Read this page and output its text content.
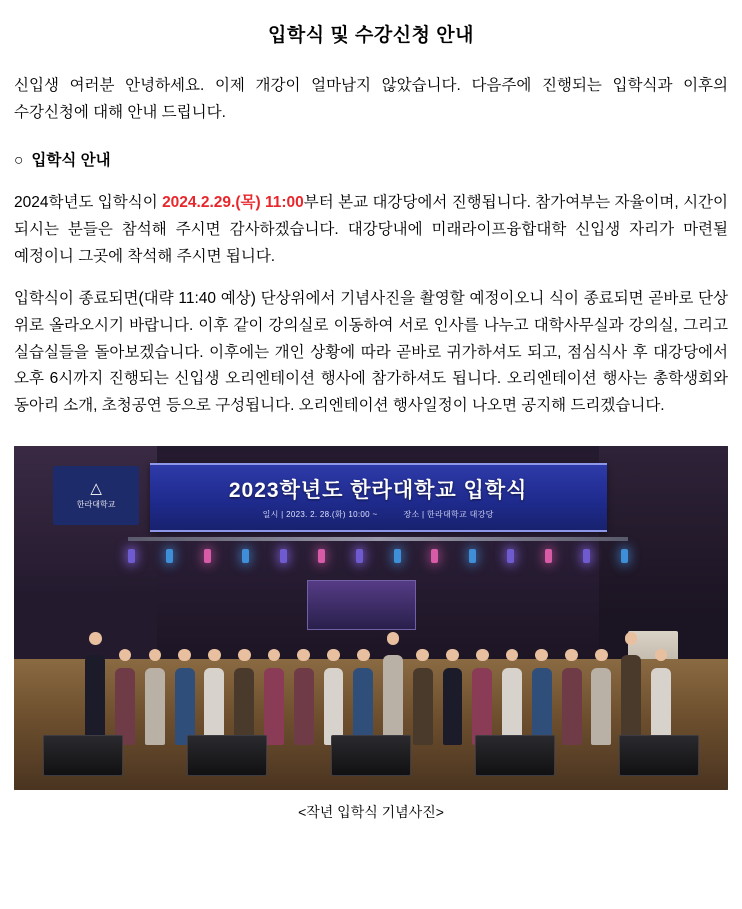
입학식 및 수강신청 안내

신입생 여러분 안녕하세요. 이제 개강이 얼마남지 않았습니다. 다음주에 진행되는 입학식과 이후의 수강신청에 대해 안내 드립니다.

○ 입학식 안내

2024학년도 입학식이 2024.2.29.(목) 11:00부터 본교 대강당에서 진행됩니다. 참가여부는 자율이며, 시간이 되시는 분들은 참석해 주시면 감사하겠습니다. 대강당내에 미래라이프융합대학 신입생 자리가 마련될 예정이니 그곳에 착석해 주시면 됩니다.

입학식이 종료되면(대략 11:40 예상) 단상위에서 기념사진을 촬영할 예정이오니 식이 종료되면 곧바로 단상 위로 올라오시기 바랍니다. 이후 같이 강의실로 이동하여 서로 인사를 나누고 대학사무실과 강의실, 그리고 실습실들을 돌아보겠습니다. 이후에는 개인 상황에 따라 곧바로 귀가하셔도 되고, 점심식사 후 대강당에서 오후 6시까지 진행되는 신입생 오리엔테이션 행사에 참가하셔도 됩니다. 오리엔테이션 행사는 총학생회와 동아리 소개, 초청공연 등으로 구성됩니다. 오리엔테이션 행사일정이 나오면 공지해 드리겠습니다.

△
한라대학교
2023학년도 한라대학교 입학식
일시 | 2023. 2. 28.(화) 10:00 ~	장소 | 한라대학교 대강당
<작년 입학식 기념사진>
